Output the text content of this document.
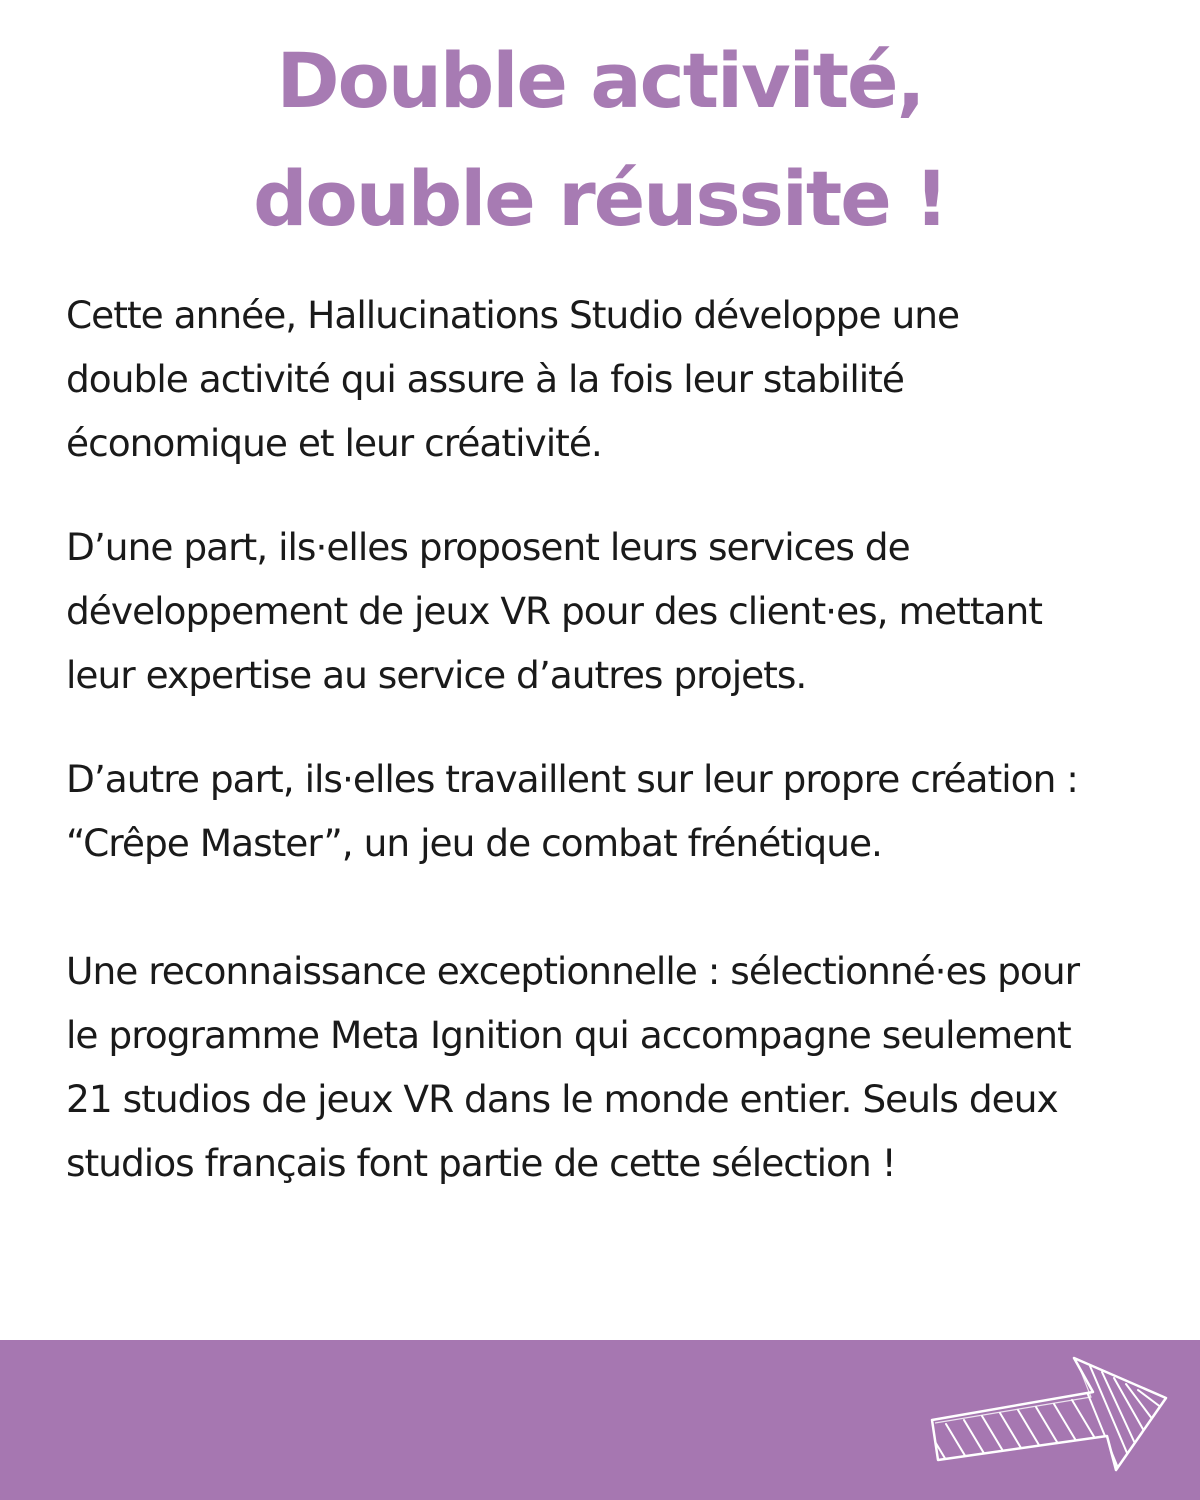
Double activité,
double réussite !

Cette année, Hallucinations Studio développe une
double activité qui assure à la fois leur stabilité
économique et leur créativité.

D’une part, ils·elles proposent leurs services de
développement de jeux VR pour des client·es, mettant
leur expertise au service d’autres projets.

D’autre part, ils·elles travaillent sur leur propre création :
“Crêpe Master”, un jeu de combat frénétique.

Une reconnaissance exceptionnelle : sélectionné·es pour
le programme Meta Ignition qui accompagne seulement
21 studios de jeux VR dans le monde entier. Seuls deux
studios français font partie de cette sélection !
